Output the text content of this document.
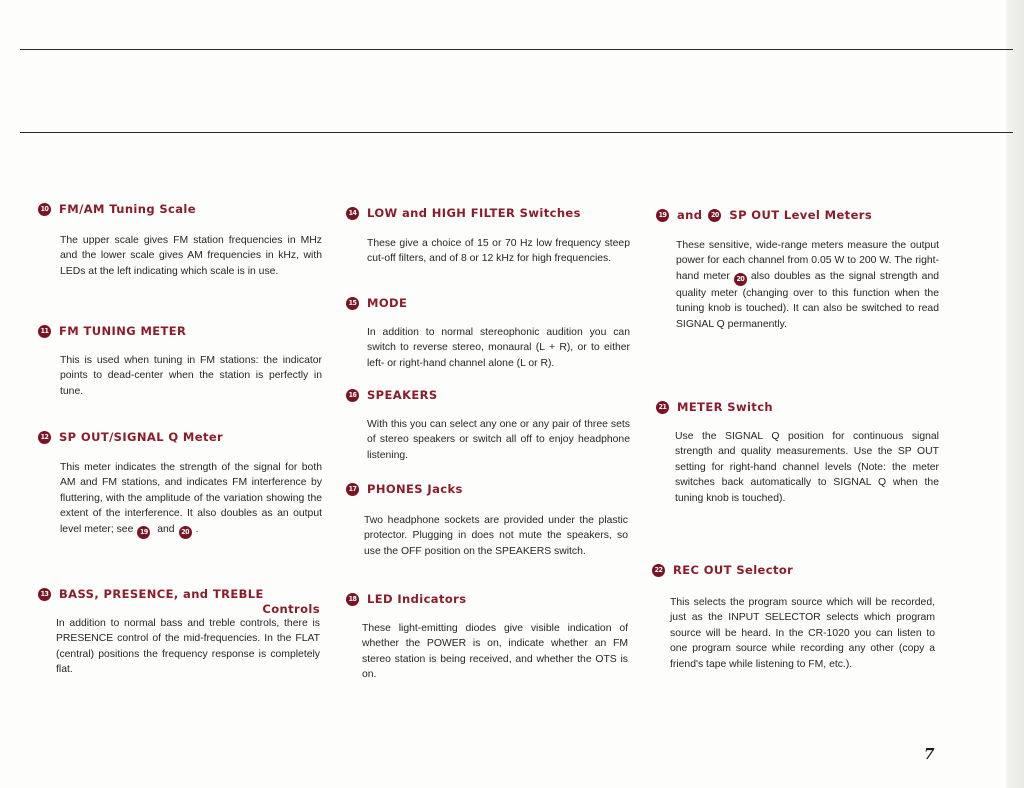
10 FM/AM Tuning Scale
The upper scale gives FM station frequencies in MHz and the lower scale gives AM frequencies in kHz, with LEDs at the left indicating which scale is in use.
11 FM TUNING METER
This is used when tuning in FM stations: the indicator points to dead-center when the station is perfectly in tune.
12 SP OUT/SIGNAL Q Meter
This meter indicates the strength of the signal for both AM and FM stations, and indicates FM interference by fluttering, with the amplitude of the variation showing the extent of the interference. It also doubles as an output level meter; see 19 and 20 .
13 BASS, PRESENCE, and TREBLE
Controls
In addition to normal bass and treble controls, there is PRESENCE control of the mid-frequencies. In the FLAT (central) positions the frequency response is completely flat.
14 LOW and HIGH FILTER Switches
These give a choice of 15 or 70 Hz low frequency steep cut-off filters, and of 8 or 12 kHz for high frequencies.
15 MODE
In addition to normal stereophonic audition you can switch to reverse stereo, monaural (L + R), or to either left- or right-hand channel alone (L or R).
16 SPEAKERS
With this you can select any one or any pair of three sets of stereo speakers or switch all off to enjoy headphone listening.
17 PHONES Jacks
Two headphone sockets are provided under the plastic protector. Plugging in does not mute the speakers, so use the OFF position on the SPEAKERS switch.
18 LED Indicators
These light-emitting diodes give visible indication of whether the POWER is on, indicate whether an FM stereo station is being received, and whether the OTS is on.
19 and	20 SP OUT Level Meters
These sensitive, wide-range meters measure the output power for each channel from 0.05 W to 200 W. The right-hand meter 20 also doubles as the signal strength and quality meter (changing over to this function when the tuning knob is touched). It can also be switched to read SIGNAL Q permanently.
21 METER Switch
Use the SIGNAL Q position for continuous signal strength and quality measurements. Use the SP OUT setting for right-hand channel levels (Note: the meter switches back automatically to SIGNAL Q when the tuning knob is touched).
22 REC OUT Selector
This selects the program source which will be recorded, just as the INPUT SELECTOR selects which program source will be heard. In the CR-1020 you can listen to one program source while recording any other (copy a friend's tape while listening to FM, etc.).
7
